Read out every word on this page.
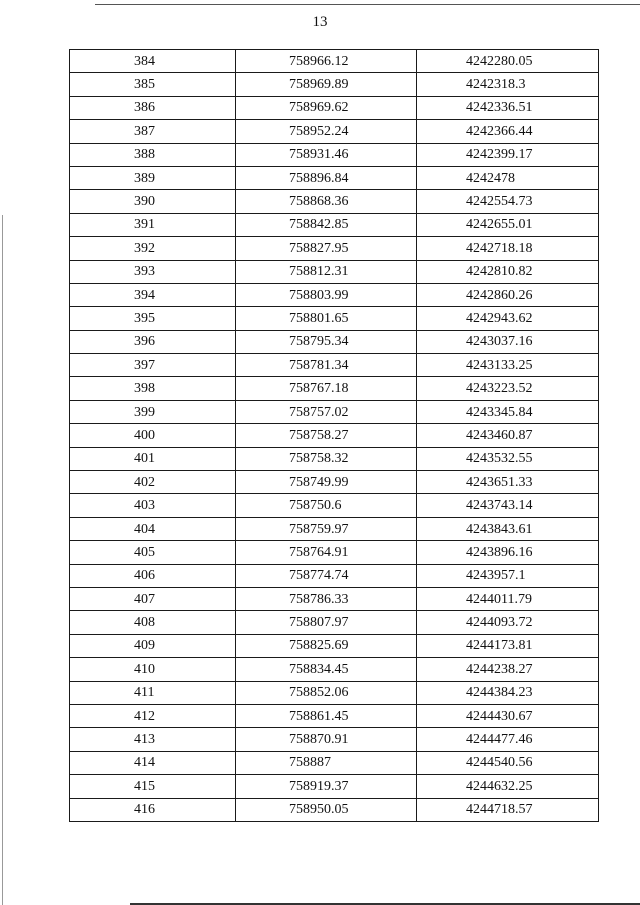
13
384	758966.12	4242280.05
385	758969.89	4242318.3
386	758969.62	4242336.51
387	758952.24	4242366.44
388	758931.46	4242399.17
389	758896.84	4242478
390	758868.36	4242554.73
391	758842.85	4242655.01
392	758827.95	4242718.18
393	758812.31	4242810.82
394	758803.99	4242860.26
395	758801.65	4242943.62
396	758795.34	4243037.16
397	758781.34	4243133.25
398	758767.18	4243223.52
399	758757.02	4243345.84
400	758758.27	4243460.87
401	758758.32	4243532.55
402	758749.99	4243651.33
403	758750.6	4243743.14
404	758759.97	4243843.61
405	758764.91	4243896.16
406	758774.74	4243957.1
407	758786.33	4244011.79
408	758807.97	4244093.72
409	758825.69	4244173.81
410	758834.45	4244238.27
411	758852.06	4244384.23
412	758861.45	4244430.67
413	758870.91	4244477.46
414	758887	4244540.56
415	758919.37	4244632.25
416	758950.05	4244718.57
